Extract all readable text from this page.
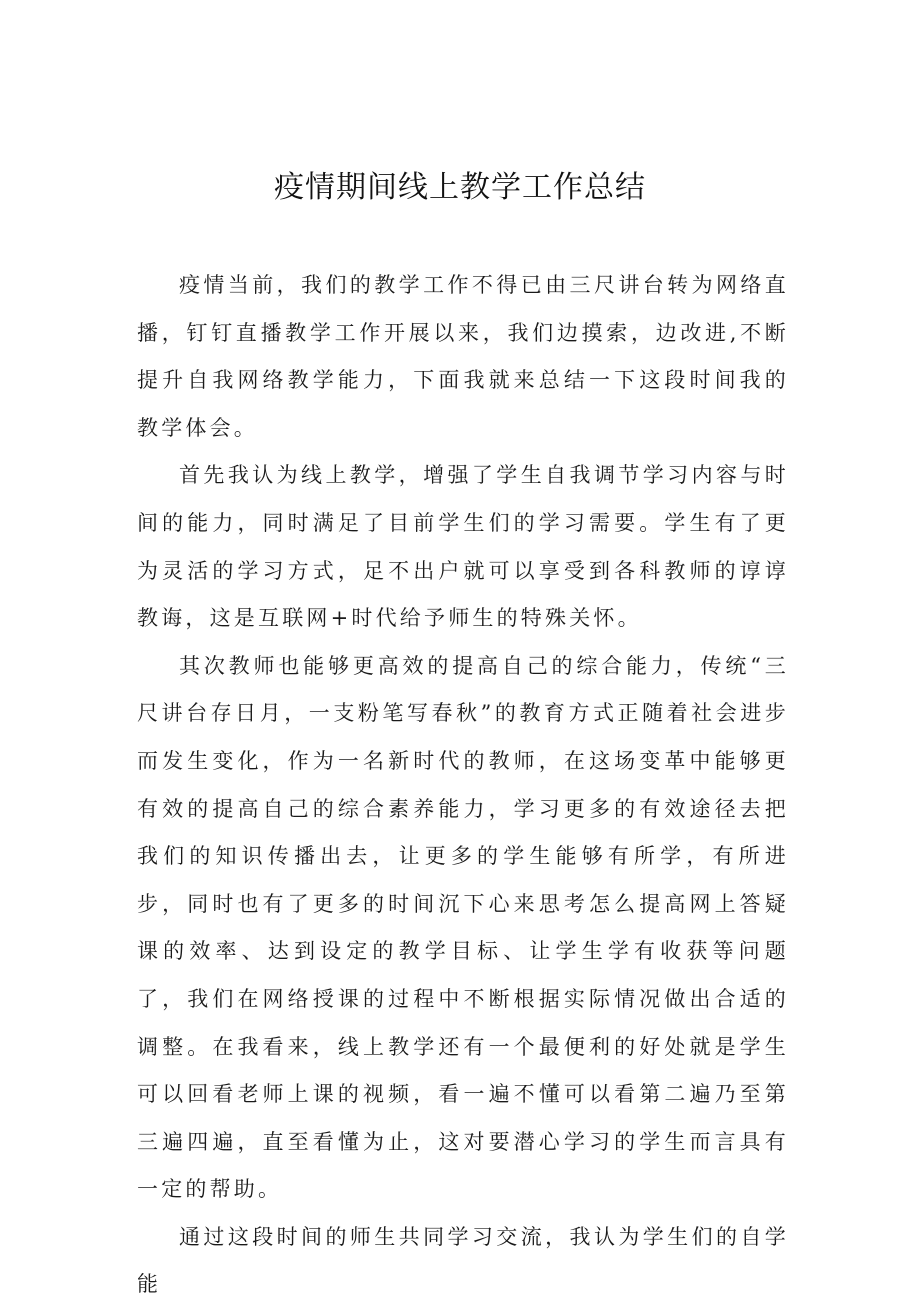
疫情期间线上教学工作总结

疫情当前，我们的教学工作不得已由三尺讲台转为网络直播，钉钉直播教学工作开展以来，我们边摸索，边改进,不断提升自我网络教学能力，下面我就来总结一下这段时间我的教学体会。

首先我认为线上教学，增强了学生自我调节学习内容与时间的能力，同时满足了目前学生们的学习需要。学生有了更为灵活的学习方式，足不出户就可以享受到各科教师的谆谆教诲，这是互联网+时代给予师生的特殊关怀。

其次教师也能够更高效的提高自己的综合能力，传统“三尺讲台存日月，一支粉笔写春秋”的教育方式正随着社会进步而发生变化，作为一名新时代的教师，在这场变革中能够更有效的提高自己的综合素养能力，学习更多的有效途径去把我们的知识传播出去，让更多的学生能够有所学，有所进步，同时也有了更多的时间沉下心来思考怎么提高网上答疑课的效率、达到设定的教学目标、让学生学有收获等问题了，我们在网络授课的过程中不断根据实际情况做出合适的调整。在我看来，线上教学还有一个最便利的好处就是学生可以回看老师上课的视频，看一遍不懂可以看第二遍乃至第三遍四遍，直至看懂为止，这对要潜心学习的学生而言具有一定的帮助。

通过这段时间的师生共同学习交流，我认为学生们的自学能
